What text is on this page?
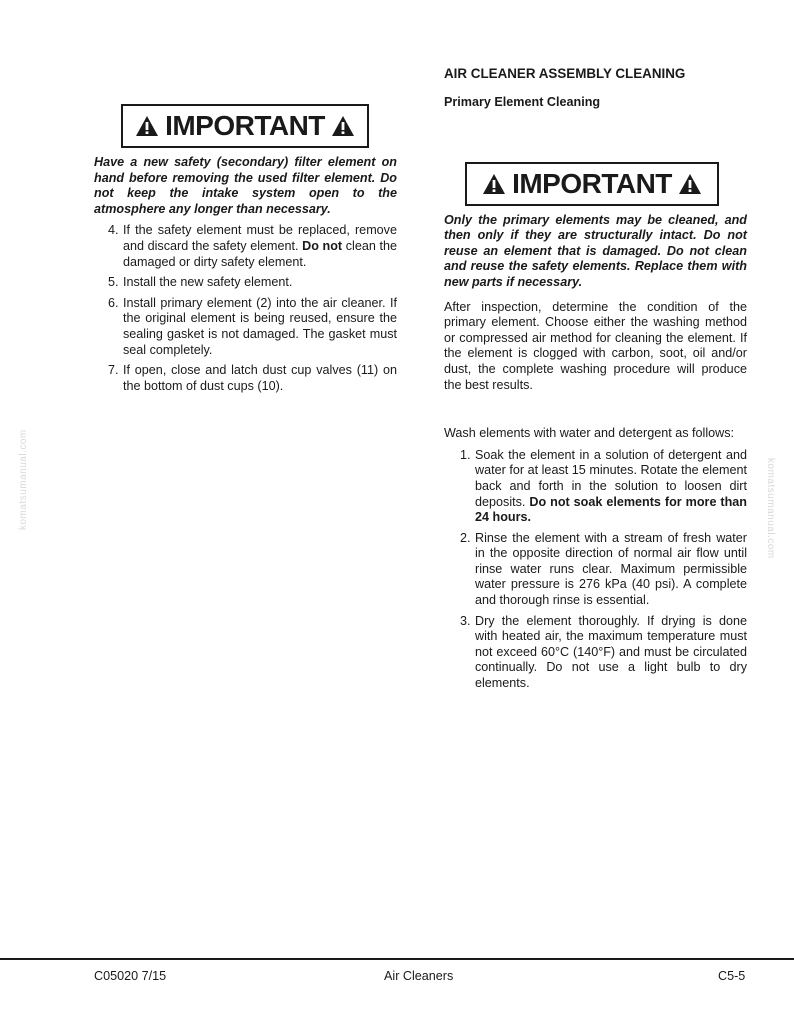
komatsumanual.com	komatsumanual.com
IMPORTANT
Have a new safety (secondary) filter element on hand before removing the used filter element. Do not keep the intake system open to the atmosphere any longer than necessary.
4. If the safety element must be replaced, remove and discard the safety element. Do not clean the damaged or dirty safety element.
5. Install the new safety element.
6. Install primary element (2) into the air cleaner. If the original element is being reused, ensure the sealing gasket is not damaged. The gasket must seal completely.
7. If open, close and latch dust cup valves (11) on the bottom of dust cups (10).
AIR CLEANER ASSEMBLY CLEANING
Primary Element Cleaning
IMPORTANT
Only the primary elements may be cleaned, and then only if they are structurally intact. Do not reuse an element that is damaged. Do not clean and reuse the safety elements. Replace them with new parts if necessary.
After inspection, determine the condition of the primary element. Choose either the washing method or compressed air method for cleaning the element. If the element is clogged with carbon, soot, oil and/or dust, the complete washing procedure will produce the best results.
Wash elements with water and detergent as follows:
1. Soak the element in a solution of detergent and water for at least 15 minutes. Rotate the element back and forth in the solution to loosen dirt deposits. Do not soak elements for more than 24 hours.
2. Rinse the element with a stream of fresh water in the opposite direction of normal air flow until rinse water runs clear. Maximum permissible water pressure is 276 kPa (40 psi). A complete and thorough rinse is essential.
3. Dry the element thoroughly. If drying is done with heated air, the maximum temperature must not exceed 60°C (140°F) and must be circulated continually. Do not use a light bulb to dry elements.
C05020 7/15	Air Cleaners	C5-5
